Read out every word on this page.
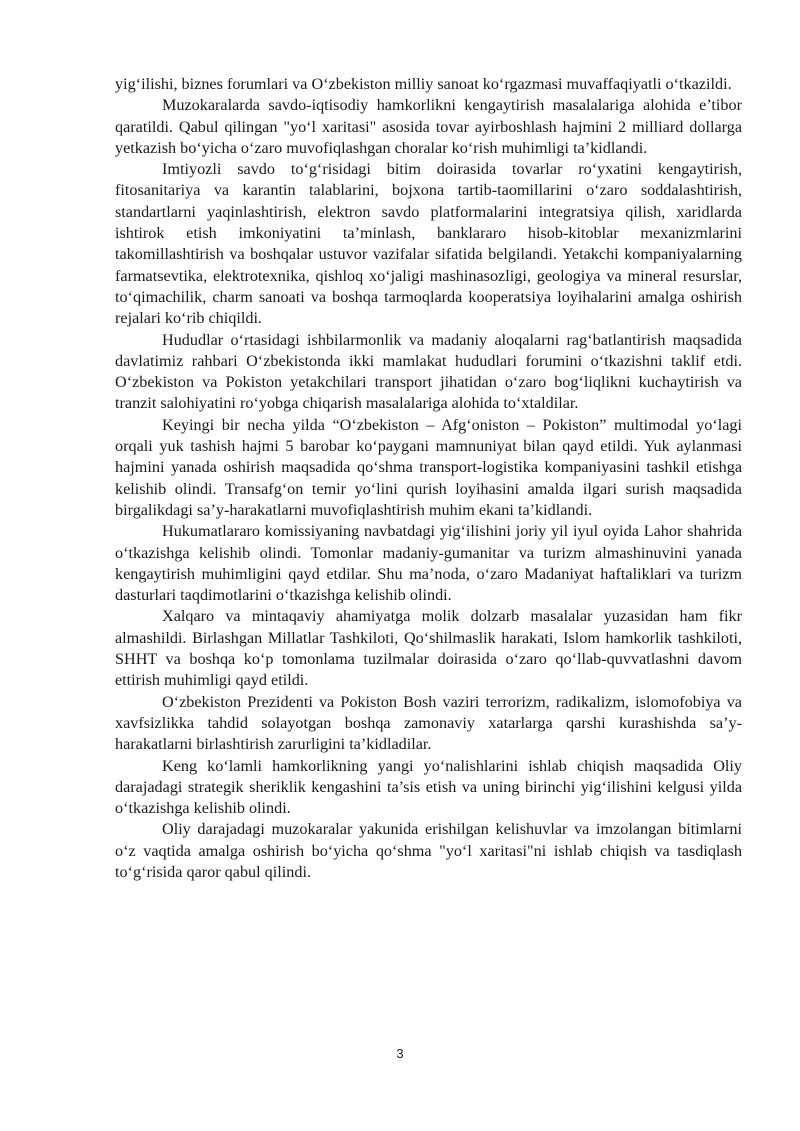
yig‘ilishi, biznes forumlari va O‘zbekiston milliy sanoat ko‘rgazmasi muvaffaqiyatli o‘tkazildi.

Muzokaralarda savdo-iqtisodiy hamkorlikni kengaytirish masalalariga alohida e’tibor qaratildi. Qabul qilingan "yo‘l xaritasi" asosida tovar ayirboshlash hajmini 2 milliard dollarga yetkazish bo‘yicha o‘zaro muvofiqlashgan choralar ko‘rish muhimligi ta’kidlandi.

Imtiyozli savdo to‘g‘risidagi bitim doirasida tovarlar ro‘yxatini kengaytirish, fitosanitariya va karantin talablarini, bojxona tartib-taomillarini o‘zaro soddalashtirish, standartlarni yaqinlashtirish, elektron savdo platformalarini integratsiya qilish, xaridlarda ishtirok etish imkoniyatini ta’minlash, banklararo hisob-kitoblar mexanizmlarini takomillashtirish va boshqalar ustuvor vazifalar sifatida belgilandi. Yetakchi kompaniyalarning farmatsevtika, elektrotexnika, qishloq xo‘jaligi mashinasozligi, geologiya va mineral resurslar, to‘qimachilik, charm sanoati va boshqa tarmoqlarda kooperatsiya loyihalarini amalga oshirish rejalari ko‘rib chiqildi.

Hududlar o‘rtasidagi ishbilarmonlik va madaniy aloqalarni rag‘batlantirish maqsadida davlatimiz rahbari O‘zbekistonda ikki mamlakat hududlari forumini o‘tkazishni taklif etdi. O‘zbekiston va Pokiston yetakchilari transport jihatidan o‘zaro bog‘liqlikni kuchaytirish va tranzit salohiyatini ro‘yobga chiqarish masalalariga alohida to‘xtaldilar.

Keyingi bir necha yilda “O‘zbekiston – Afg‘oniston – Pokiston” multimodal yo‘lagi orqali yuk tashish hajmi 5 barobar ko‘paygani mamnuniyat bilan qayd etildi. Yuk aylanmasi hajmini yanada oshirish maqsadida qo‘shma transport-logistika kompaniyasini tashkil etishga kelishib olindi. Transafg‘on temir yo‘lini qurish loyihasini amalda ilgari surish maqsadida birgalikdagi sa’y-harakatlarni muvofiqlashtirish muhim ekani ta’kidlandi.

Hukumatlararo komissiyaning navbatdagi yig‘ilishini joriy yil iyul oyida Lahor shahrida o‘tkazishga kelishib olindi. Tomonlar madaniy-gumanitar va turizm almashinuvini yanada kengaytirish muhimligini qayd etdilar. Shu ma’noda, o‘zaro Madaniyat haftaliklari va turizm dasturlari taqdimotlarini o‘tkazishga kelishib olindi.

Xalqaro va mintaqaviy ahamiyatga molik dolzarb masalalar yuzasidan ham fikr almashildi. Birlashgan Millatlar Tashkiloti, Qo‘shilmaslik harakati, Islom hamkorlik tashkiloti, SHHT va boshqa ko‘p tomonlama tuzilmalar doirasida o‘zaro qo‘llab-quvvatlashni davom ettirish muhimligi qayd etildi.

O‘zbekiston Prezidenti va Pokiston Bosh vaziri terrorizm, radikalizm, islomofobiya va xavfsizlikka tahdid solayotgan boshqa zamonaviy xatarlarga qarshi kurashishda sa’y-harakatlarni birlashtirish zarurligini ta’kidladilar.

Keng ko‘lamli hamkorlikning yangi yo‘nalishlarini ishlab chiqish maqsadida Oliy darajadagi strategik sheriklik kengashini ta’sis etish va uning birinchi yig‘ilishini kelgusi yilda o‘tkazishga kelishib olindi.

Oliy darajadagi muzokaralar yakunida erishilgan kelishuvlar va imzolangan bitimlarni o‘z vaqtida amalga oshirish bo‘yicha qo‘shma "yo‘l xaritasi"ni ishlab chiqish va tasdiqlash to‘g‘risida qaror qabul qilindi.

3
